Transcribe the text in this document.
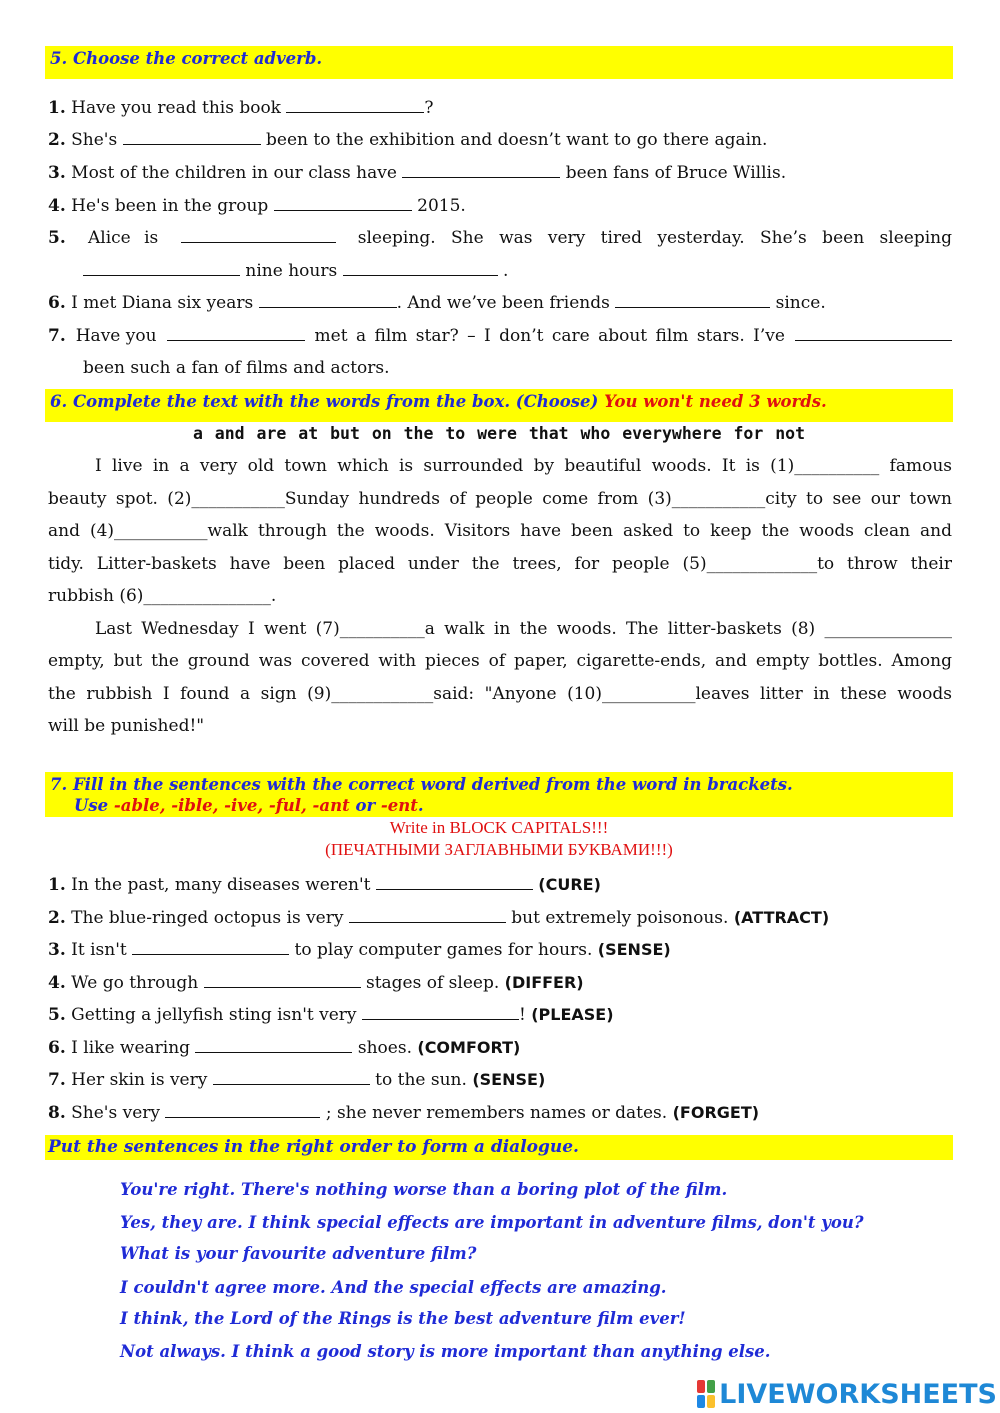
5. Choose the correct adverb.
1. Have you read this book	?
2. She's	been to the exhibition and doesn’t want to go there again.
3. Most of the children in our class have	been fans of Bruce Willis.
4. He's been in the group	2015.
5. Alice is	sleeping. She was very tired yesterday. She’s been sleeping
nine hours	.
6. I met Diana six years	. And we’ve been friends	since.
7. Have you	met a film star? – I don’t care about film stars. I’ve
been such a fan of films and actors.
6. Complete the text with the words from the box. (Choose) You won't need 3 words.
a and are at but on the to were that who everywhere for not
I live in a very old town which is surrounded by beautiful woods. It is (1)__________ famous
beauty spot. (2)___________Sunday hundreds of people come from (3)___________city to see our town
and (4)___________walk through the woods. Visitors have been asked to keep the woods clean and
tidy. Litter-baskets have been placed under the trees, for people (5)_____________to throw their
rubbish (6)_______________.
Last Wednesday I went (7)__________a walk in the woods. The litter-baskets (8) _______________
empty, but the ground was covered with pieces of paper, cigarette-ends, and empty bottles. Among
the rubbish I found a sign (9)____________said: "Anyone (10)___________leaves litter in these woods
will be punished!"
7. Fill in the sentences with the correct word derived from the word in brackets.
Use -able, -ible, -ive, -ful, -ant or -ent.
Write in BLOCK CAPITALS!!!
(ПЕЧАТНЫМИ ЗАГЛАВНЫМИ БУКВАМИ!!!)
1. In the past, many diseases weren't	(CURE)
2. The blue-ringed octopus is very	but extremely poisonous. (ATTRACT)
3. It isn't	to play computer games for hours. (SENSE)
4. We go through	stages of sleep. (DIFFER)
5. Getting a jellyfish sting isn't very	! (PLEASE)
6. I like wearing	shoes. (COMFORT)
7. Her skin is very	to the sun. (SENSE)
8. She's very	; she never remembers names or dates. (FORGET)
Put the sentences in the right order to form a dialogue.
You're right. There's nothing worse than a boring plot of the film.
Yes, they are. I think special effects are important in adventure films, don't you?
What is your favourite adventure film?
I couldn't agree more. And the special effects are amazing.
I think, the Lord of the Rings is the best adventure film ever!
Not always. I think a good story is more important than anything else.
LIVEWORKSHEETS
